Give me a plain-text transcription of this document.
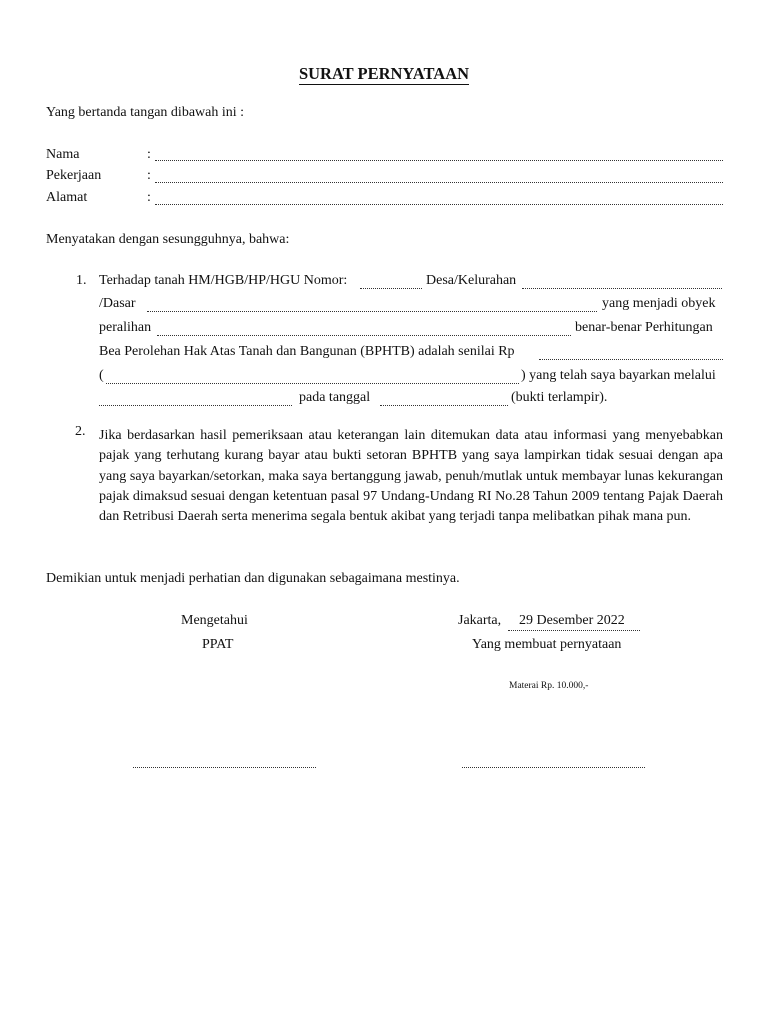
SURAT PERNYATAAN
Yang bertanda tangan dibawah ini :
Nama	:
Pekerjaan	:
Alamat	:
Menyatakan dengan sesungguhnya, bahwa:
1. Terhadap tanah HM/HGB/HP/HGU Nomor:	Desa/Kelurahan
/Dasar	yang menjadi obyek
peralihan	benar-benar Perhitungan
Bea Perolehan Hak Atas Tanah dan Bangunan (BPHTB) adalah senilai Rp
(	) yang telah saya bayarkan melalui
pada tanggal	(bukti terlampir).
2. Jika berdasarkan hasil pemeriksaan atau keterangan lain ditemukan data atau informasi yang menyebabkan pajak yang terhutang kurang bayar atau bukti setoran BPHTB yang saya lampirkan tidak sesuai dengan apa yang saya bayarkan/setorkan, maka saya bertanggung jawab, penuh/mutlak untuk membayar lunas kekurangan pajak dimaksud sesuai dengan ketentuan pasal 97 Undang-Undang RI No.28 Tahun 2009 tentang Pajak Daerah dan Retribusi Daerah serta menerima segala bentuk akibat yang terjadi tanpa melibatkan pihak mana pun.
Demikian untuk menjadi perhatian dan digunakan sebagaimana mestinya.
Mengetahui
PPAT
Jakarta, 29 Desember 2022
Yang membuat pernyataan
Materai Rp. 10.000,-
